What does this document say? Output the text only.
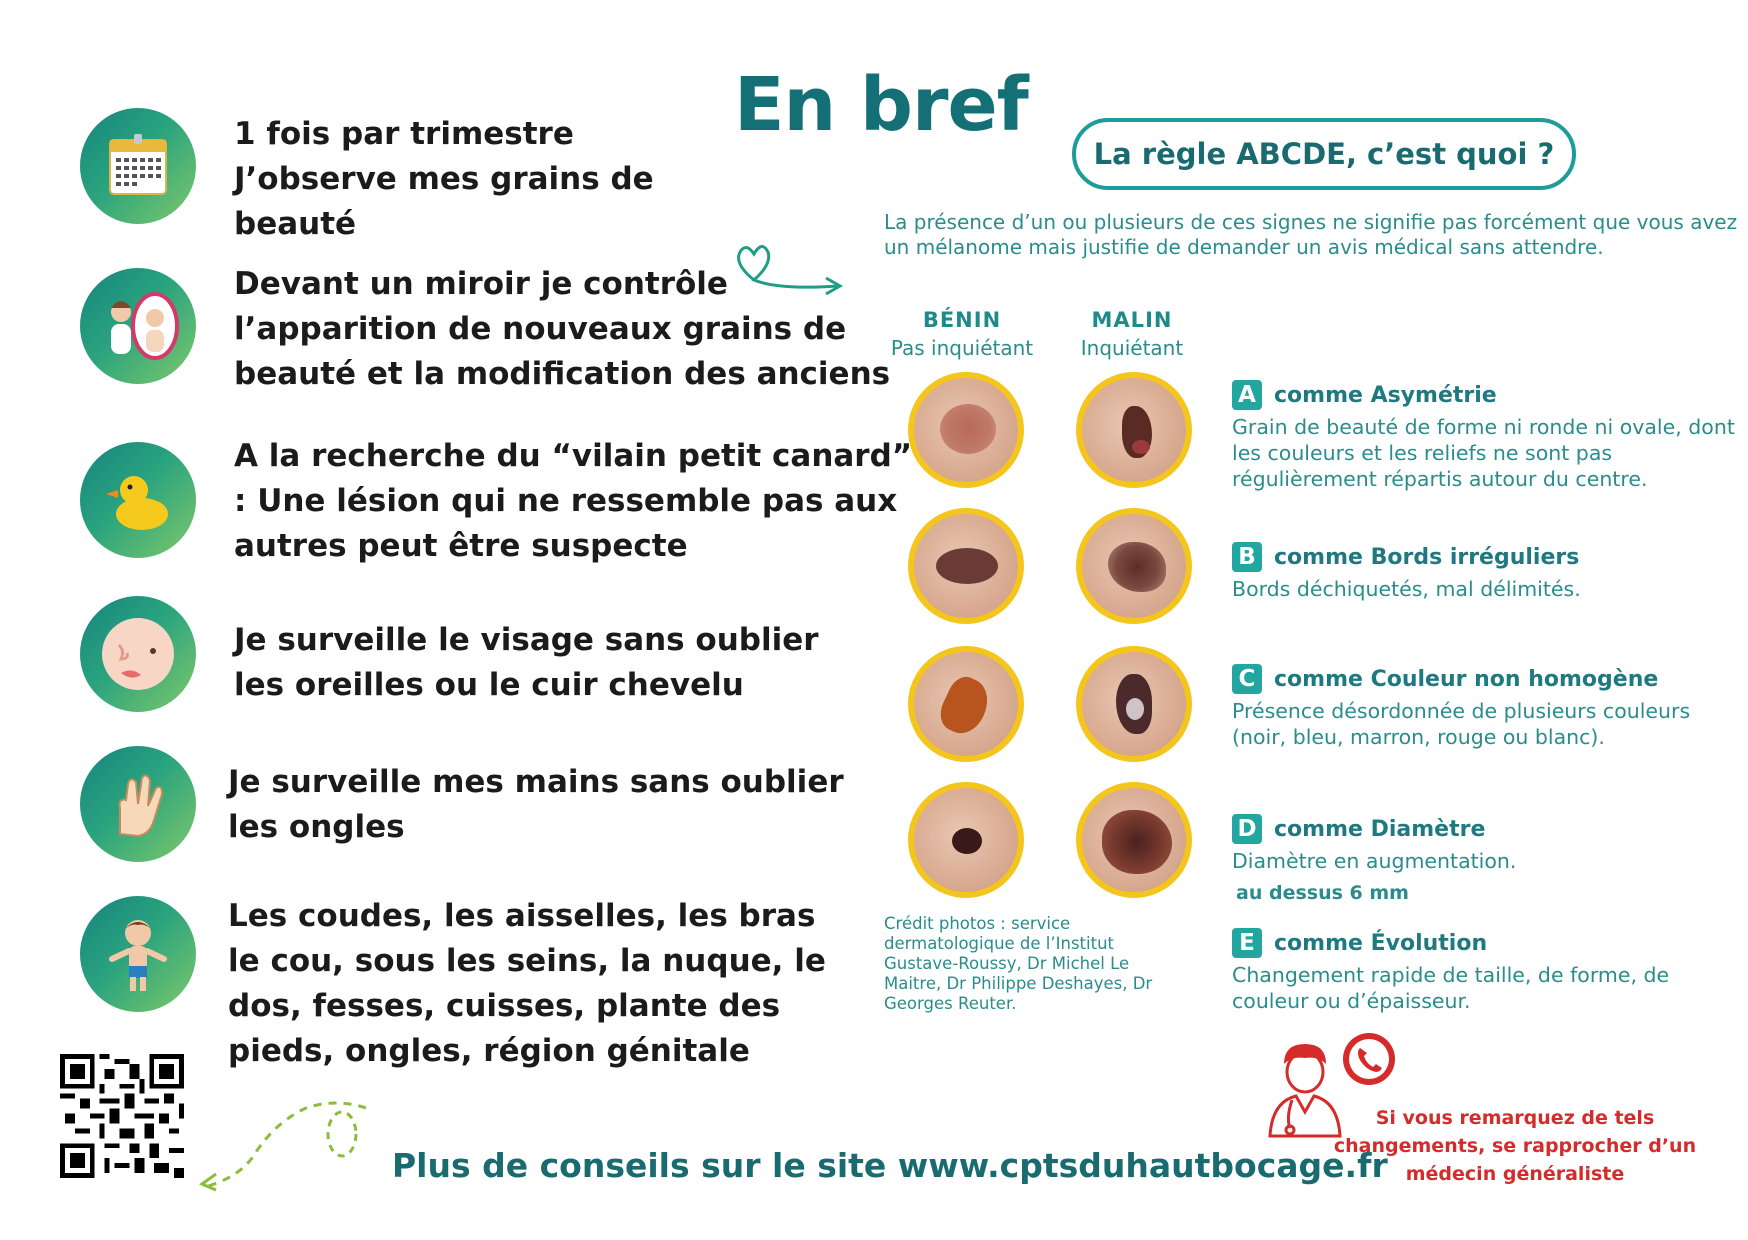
En bref
1 fois par trimestre J’observe mes grains de beauté
Devant un miroir je contrôle l’apparition de nouveaux grains de beauté et la modification des anciens
A la recherche du “vilain petit canard” : Une lésion qui ne ressemble pas aux autres peut être suspecte
Je surveille le visage sans oublier les oreilles ou le cuir chevelu
Je surveille mes mains sans oublier les ongles
Les coudes, les aisselles, les bras le cou, sous les seins, la nuque, le dos, fesses, cuisses, plante des pieds, ongles, région génitale
La règle ABCDE, c’est quoi ?
La présence d’un ou plusieurs de ces signes ne signifie pas forcément que vous avez un mélanome mais justifie de demander un avis médical sans attendre.
BÉNIN
Pas inquiétant
MALIN
Inquiétant
Crédit photos : service dermatologique de l’Institut Gustave-Roussy, Dr Michel Le Maitre, Dr Philippe Deshayes, Dr Georges Reuter.
A comme Asymétrie
Grain de beauté de forme ni ronde ni ovale, dont les couleurs et les reliefs ne sont pas régulièrement répartis autour du centre.
B comme Bords irréguliers
Bords déchiquetés, mal délimités.
C comme Couleur non homogène
Présence désordonnée de plusieurs couleurs (noir, bleu, marron, rouge ou blanc).
D comme Diamètre
Diamètre en augmentation.
au dessus 6 mm
E comme Évolution
Changement rapide de taille, de forme, de couleur ou d’épaisseur.
Plus de conseils sur le site www.cptsduhautbocage.fr
Si vous remarquez de tels changements, se rapprocher d’un médecin généraliste
